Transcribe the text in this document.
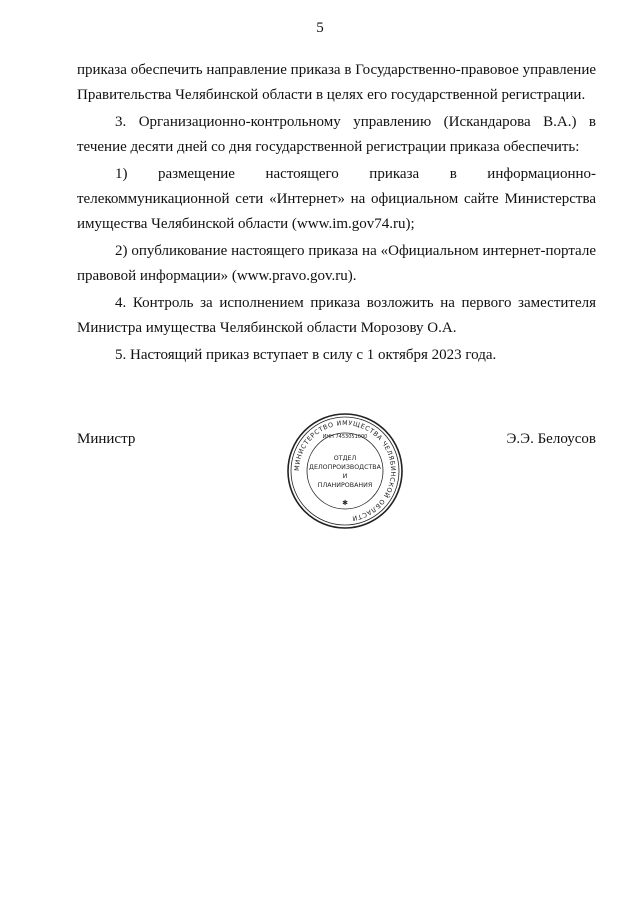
5

приказа обеспечить направление приказа в Государственно-правовое управление Правительства Челябинской области в целях его государственной регистрации.

3. Организационно-контрольному управлению (Искандарова В.А.) в течение десяти дней со дня государственной регистрации приказа обеспечить:

1) размещение настоящего приказа в информационно-телекоммуникационной сети «Интернет» на официальном сайте Министерства имущества Челябинской области (www.im.gov74.ru);

2) опубликование настоящего приказа на «Официальном интернет-портале правовой информации» (www.pravo.gov.ru).

4. Контроль за исполнением приказа возложить на первого заместителя Министра имущества Челябинской области Морозову О.А.

5. Настоящий приказ вступает в силу с 1 октября 2023 года.

Министр
МИНИСТЕРСТВО ИМУЩЕСТВА ЧЕЛЯБИНСКОЙ ОБЛАСТИ
ИНН 7453051000
ОТДЕЛ
ДЕЛОПРОИЗВОДСТВА
И
ПЛАНИРОВАНИЯ
✱
Э.Э. Белоусов
